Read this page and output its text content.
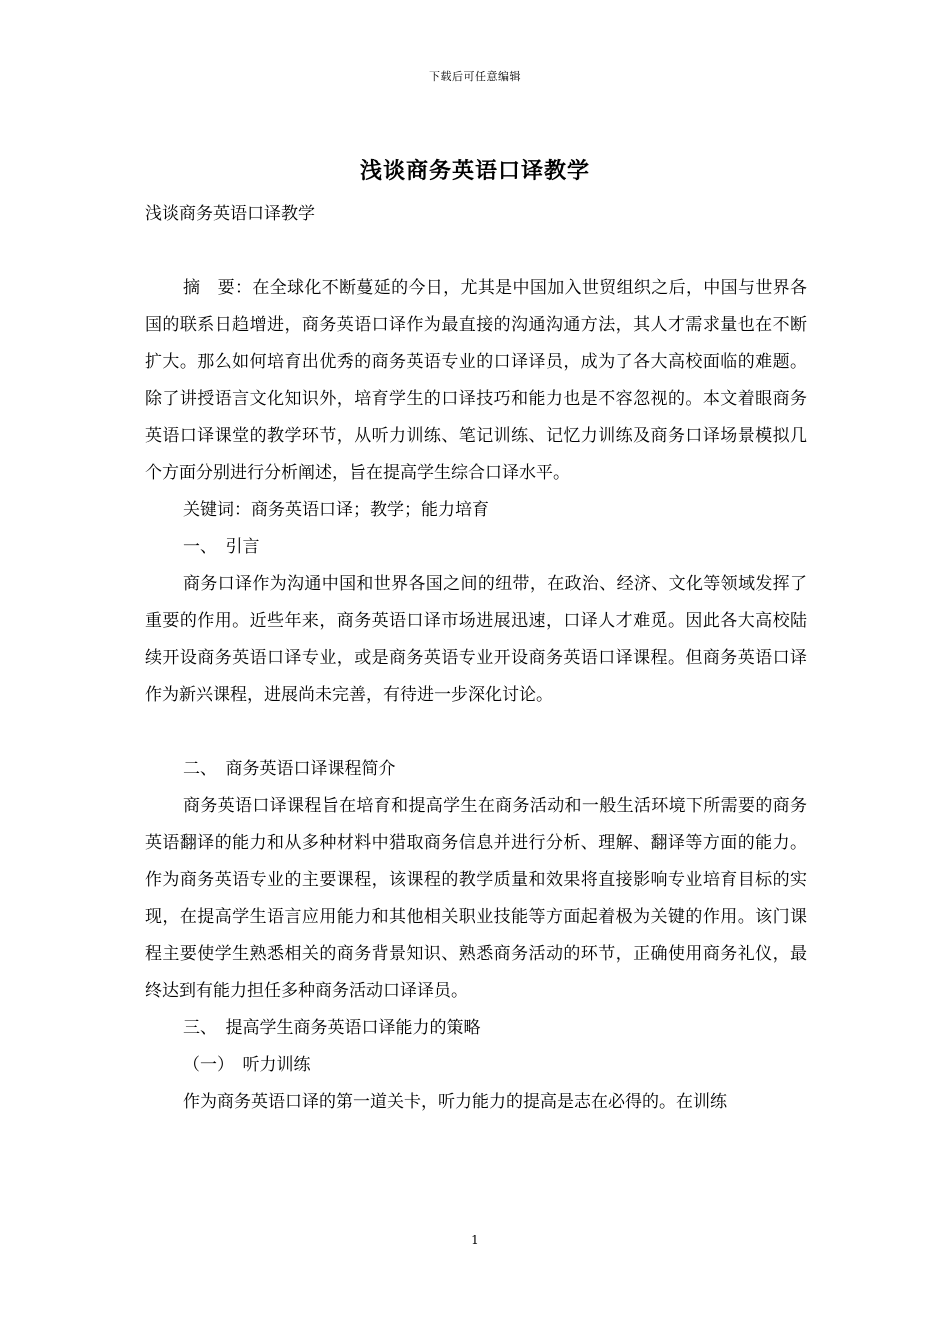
下载后可任意编辑
浅谈商务英语口译教学

浅谈商务英语口译教学

摘　要：在全球化不断蔓延的今日，尤其是中国加入世贸组织之后，中国与世界各国的联系日趋增进，商务英语口译作为最直接的沟通沟通方法，其人才需求量也在不断扩大。那么如何培育出优秀的商务英语专业的口译译员，成为了各大高校面临的难题。除了讲授语言文化知识外，培育学生的口译技巧和能力也是不容忽视的。本文着眼商务英语口译课堂的教学环节，从听力训练、笔记训练、记忆力训练及商务口译场景模拟几个方面分别进行分析阐述，旨在提高学生综合口译水平。

关键词：商务英语口译；教学；能力培育

一、　引言

商务口译作为沟通中国和世界各国之间的纽带，在政治、经济、文化等领域发挥了重要的作用。近些年来，商务英语口译市场进展迅速，口译人才难觅。因此各大高校陆续开设商务英语口译专业，或是商务英语专业开设商务英语口译课程。但商务英语口译作为新兴课程，进展尚未完善，有待进一步深化讨论。

二、　商务英语口译课程简介

商务英语口译课程旨在培育和提高学生在商务活动和一般生活环境下所需要的商务英语翻译的能力和从多种材料中猎取商务信息并进行分析、理解、翻译等方面的能力。作为商务英语专业的主要课程，该课程的教学质量和效果将直接影响专业培育目标的实现，在提高学生语言应用能力和其他相关职业技能等方面起着极为关键的作用。该门课程主要使学生熟悉相关的商务背景知识、熟悉商务活动的环节，正确使用商务礼仪，最终达到有能力担任多种商务活动口译译员。

三、　提高学生商务英语口译能力的策略

（一）　听力训练

作为商务英语口译的第一道关卡，听力能力的提高是志在必得的。在训练

1
